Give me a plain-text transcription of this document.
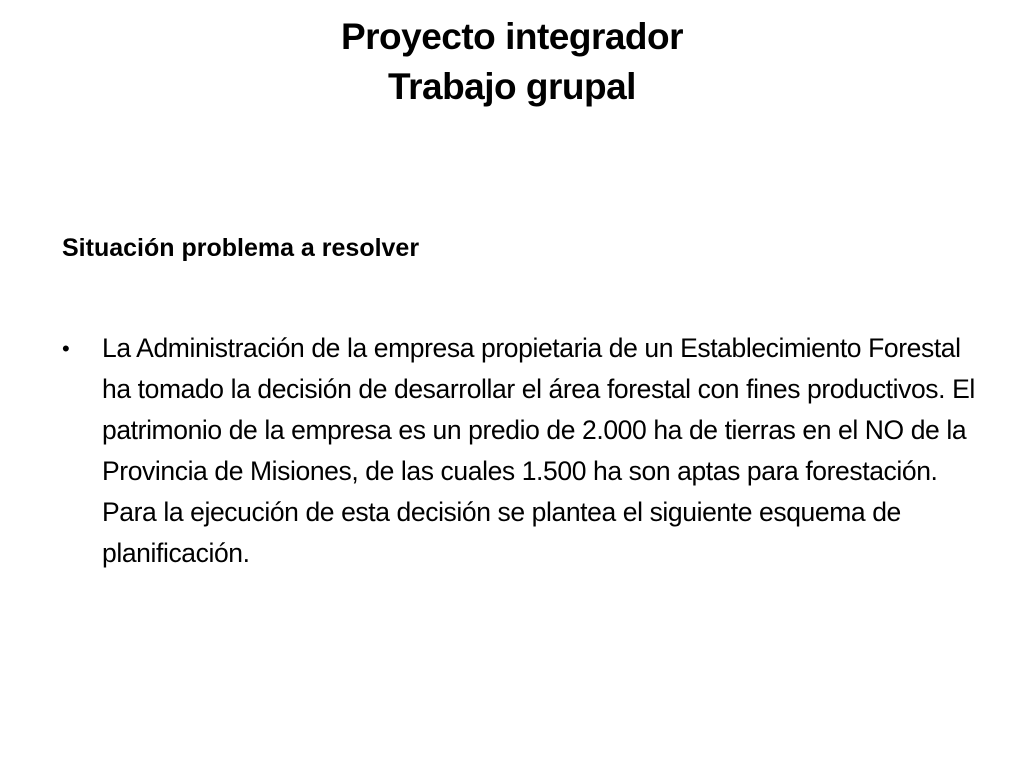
Proyecto integrador
Trabajo grupal
Situación problema a resolver
•	La Administración de la empresa propietaria de un Establecimiento Forestal ha tomado la decisión de desarrollar el área forestal con fines productivos. El patrimonio de la empresa es un predio de 2.000 ha de tierras en el NO de la Provincia de Misiones, de las cuales 1.500 ha son aptas para forestación. Para la ejecución de esta decisión se plantea el siguiente esquema de planificación.
